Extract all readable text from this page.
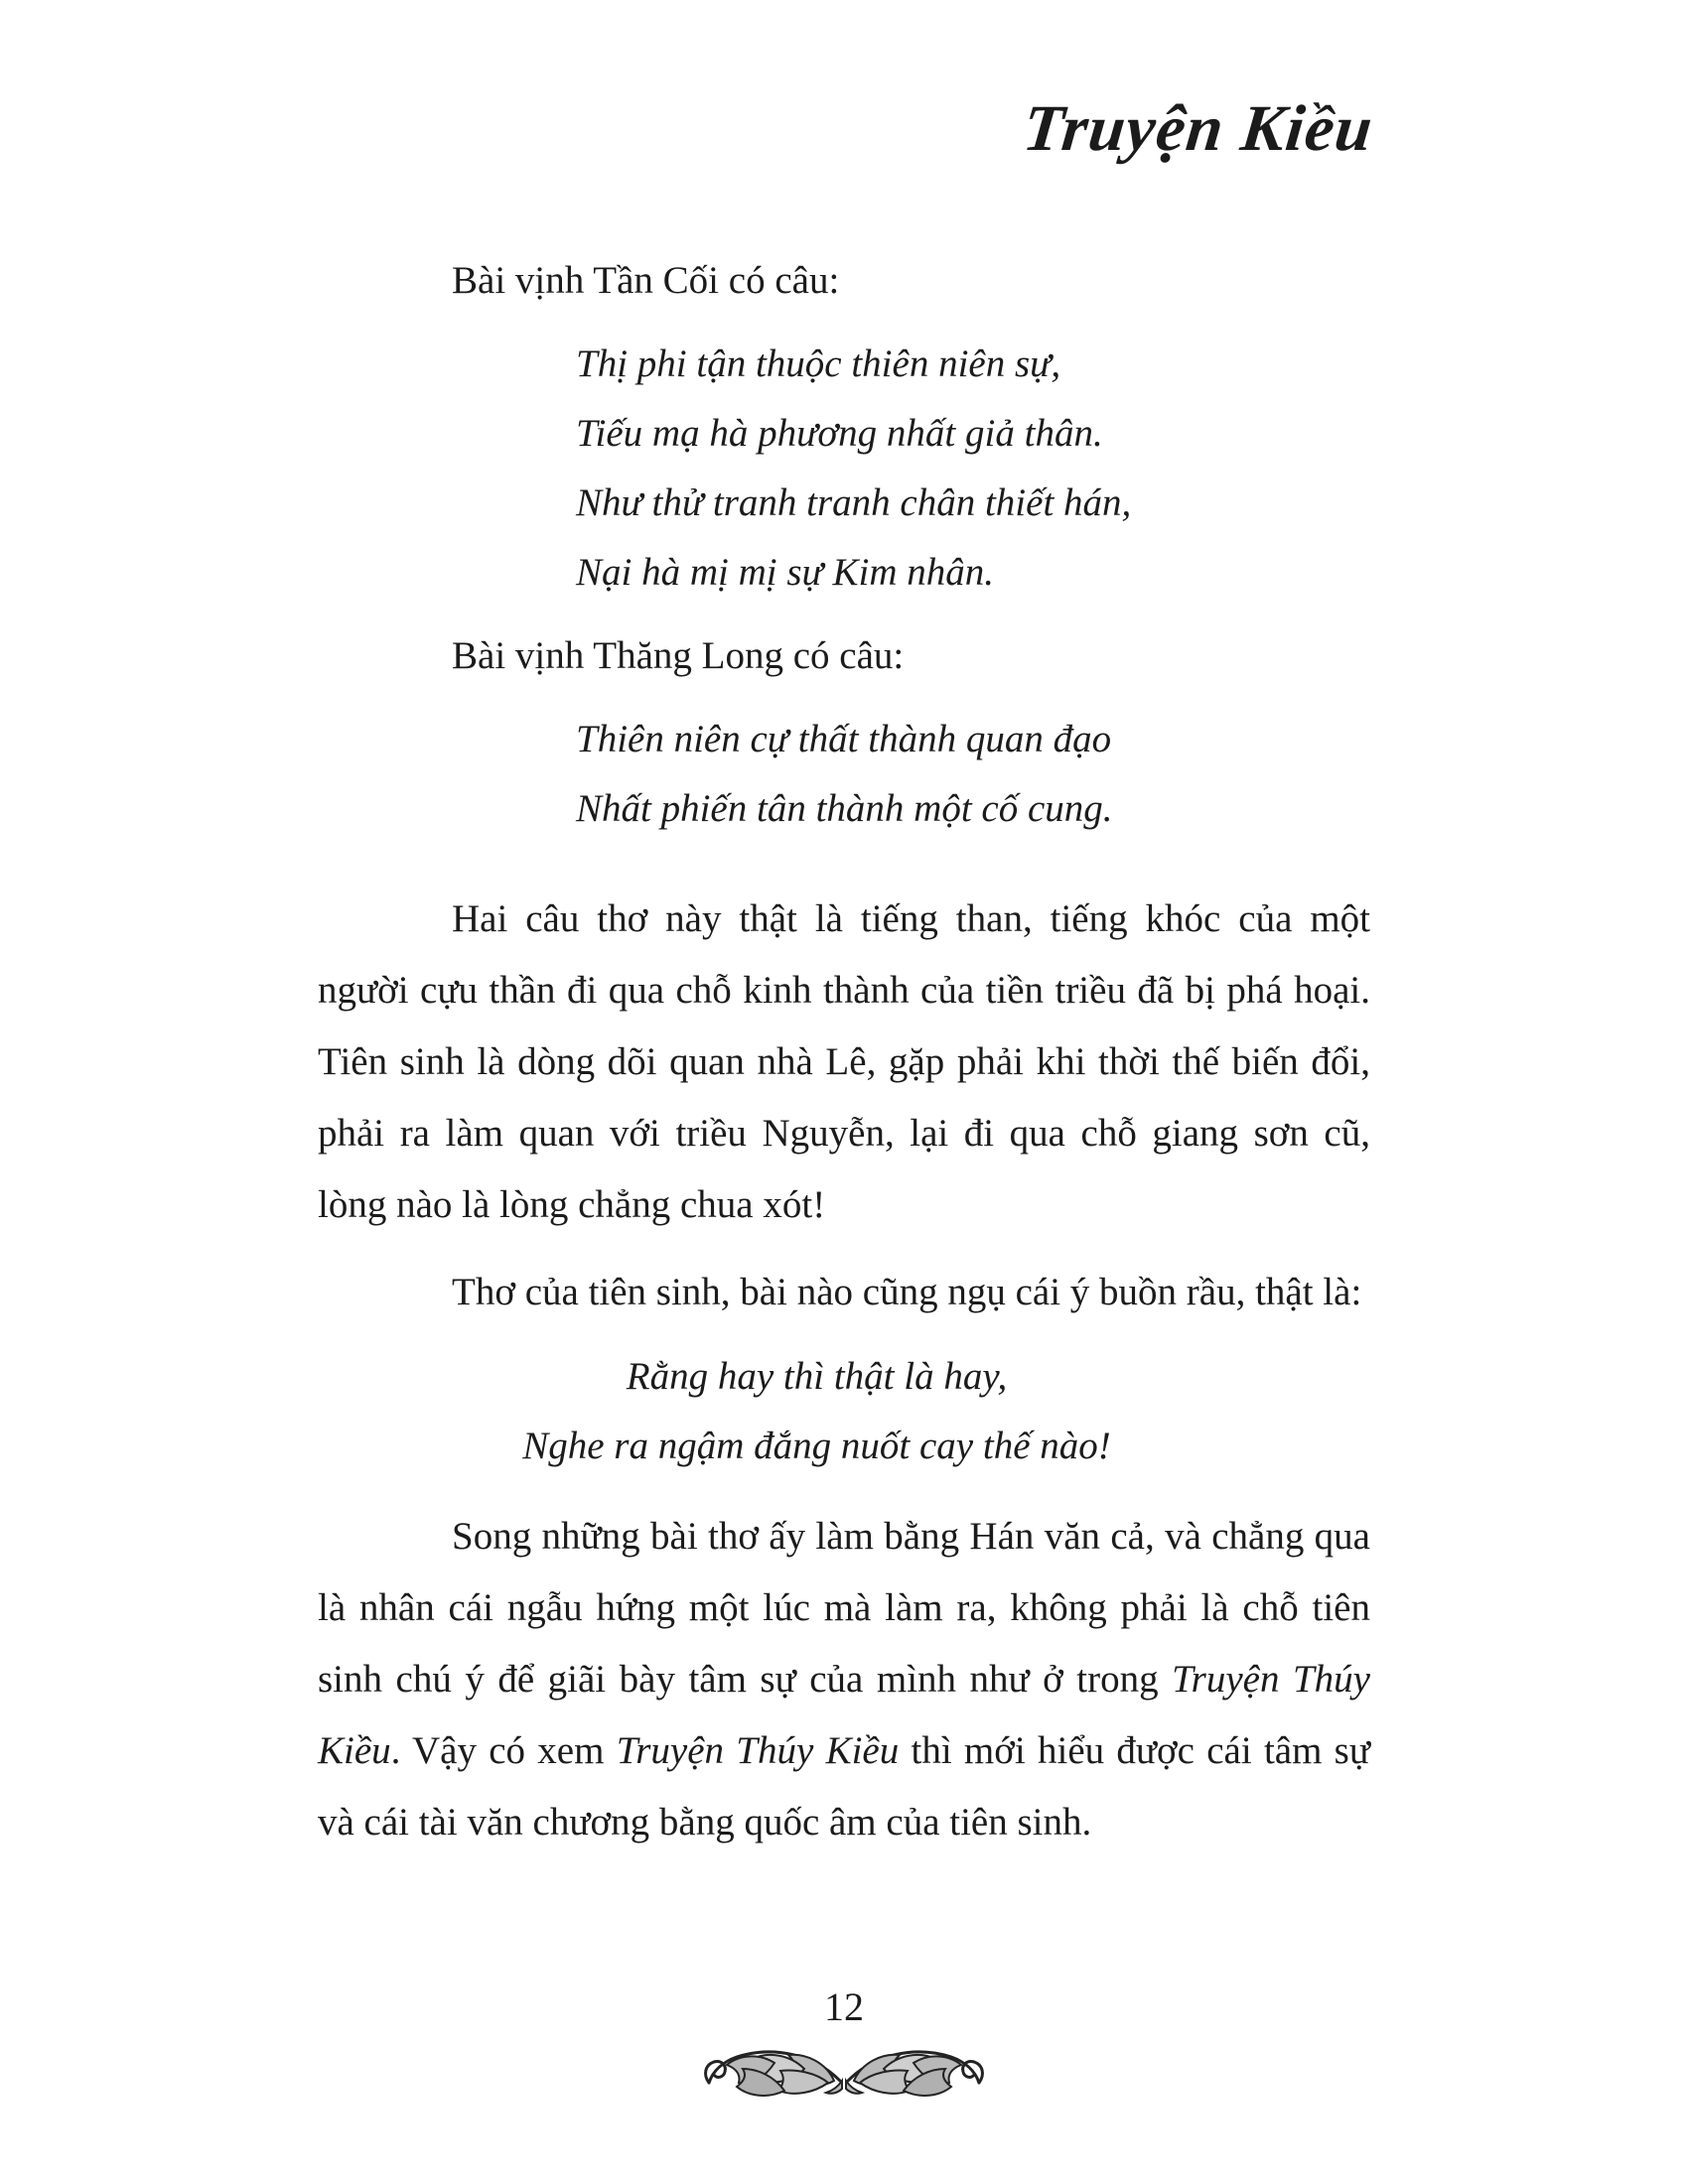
Truyện Kiều

Bài vịnh Tần Cối có câu:

Thị phi tận thuộc thiên niên sự,
Tiếu mạ hà phương nhất giả thân.
Như thử tranh tranh chân thiết hán,
Nại hà mị mị sự Kim nhân.

Bài vịnh Thăng Long có câu:

Thiên niên cự thất thành quan đạo
Nhất phiến tân thành một cố cung.

Hai câu thơ này thật là tiếng than, tiếng khóc của một người cựu thần đi qua chỗ kinh thành của tiền triều đã bị phá hoại. Tiên sinh là dòng dõi quan nhà Lê, gặp phải khi thời thế biến đổi, phải ra làm quan với triều Nguyễn, lại đi qua chỗ giang sơn cũ, lòng nào là lòng chẳng chua xót!

Thơ của tiên sinh, bài nào cũng ngụ cái ý buồn rầu, thật là:

Rằng hay thì thật là hay,
Nghe ra ngậm đắng nuốt cay thế nào!

Song những bài thơ ấy làm bằng Hán văn cả, và chẳng qua là nhân cái ngẫu hứng một lúc mà làm ra, không phải là chỗ tiên sinh chú ý để giãi bày tâm sự của mình như ở trong Truyện Thúy Kiều. Vậy có xem Truyện Thúy Kiều thì mới hiểu được cái tâm sự và cái tài văn chương bằng quốc âm của tiên sinh.

12
